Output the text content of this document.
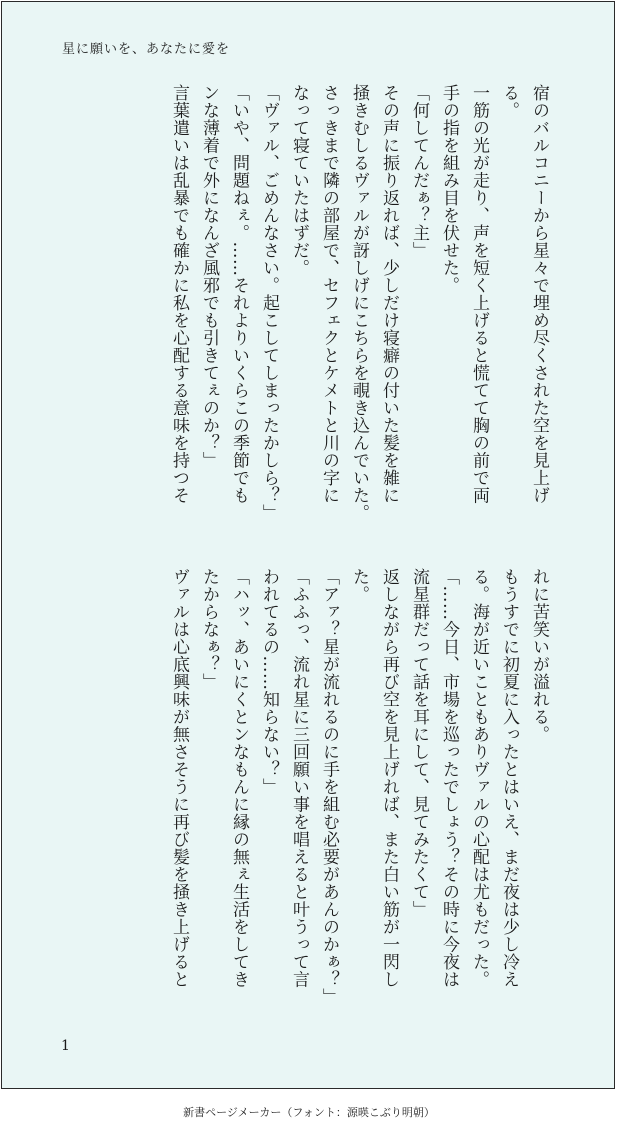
星に願いを、あなたに愛を
宿のバルコニーから星々で埋め尽くされた空を見上げ
る。
一筋の光が走り、声を短く上げると慌てて胸の前で両
手の指を組み目を伏せた。
「何してんだぁ？主」
その声に振り返れば、少しだけ寝癖の付いた髪を雑に
掻きむしるヴァルが訝しげにこちらを覗き込んでいた。
さっきまで隣の部屋で、セフェクとケメトと川の字に
なって寝ていたはずだ。
「ヴァル、ごめんなさい。起こしてしまったかしら？」
「いや、問題ねぇ。……それよりいくらこの季節でも
ンな薄着で外になんざ風邪でも引きてぇのか？」
言葉遣いは乱暴でも確かに私を心配する意味を持つそ
れに苦笑いが溢れる。
もうすでに初夏に入ったとはいえ、まだ夜は少し冷え
る。海が近いこともありヴァルの心配は尤もだった。
「……今日、市場を巡ったでしょう？その時に今夜は
流星群だって話を耳にして、見てみたくて」
返しながら再び空を見上げれば、また白い筋が一閃し
た。
「アァ？星が流れるのに手を組む必要があんのかぁ？」
「ふふっ、流れ星に三回願い事を唱えると叶うって言
われてるの……知らない？」
「ハッ、あいにくとンなもんに縁の無ぇ生活をしてき
たからなぁ？」
ヴァルは心底興味が無さそうに再び髪を掻き上げると
1
新書ページメーカー（フォント：源暎こぶり明朝）
